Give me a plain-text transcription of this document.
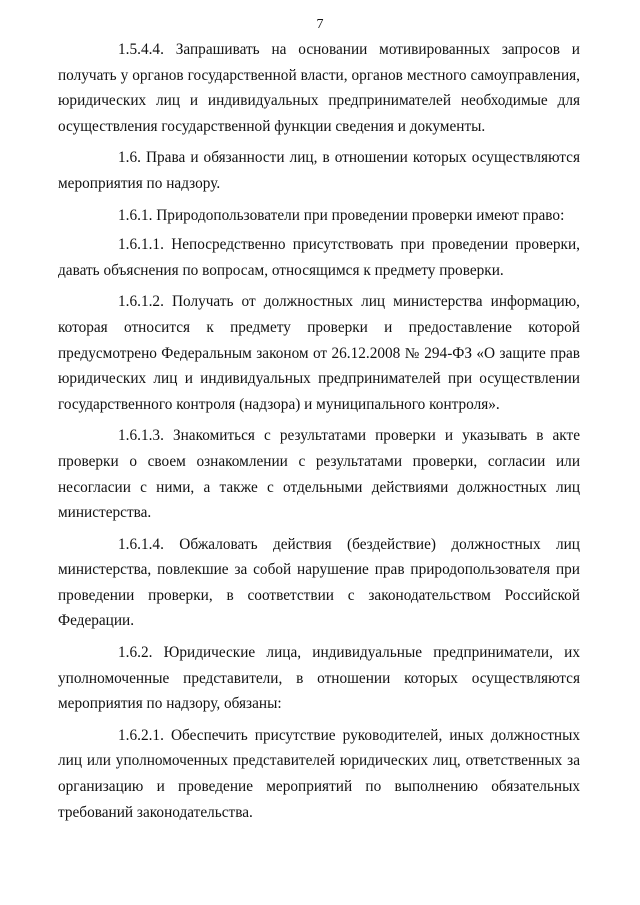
7

1.5.4.4. Запрашивать на основании мотивированных запросов и получать у органов государственной власти, органов местного самоуправления, юридических лиц и индивидуальных предпринимателей необходимые для осуществления государственной функции сведения и документы.

1.6. Права и обязанности лиц, в отношении которых осуществляются мероприятия по надзору.

1.6.1. Природопользователи при проведении проверки имеют право:

1.6.1.1. Непосредственно присутствовать при проведении проверки, давать объяснения по вопросам, относящимся к предмету проверки.

1.6.1.2. Получать от должностных лиц министерства информацию, которая относится к предмету проверки и предоставление которой предусмотрено Федеральным законом от 26.12.2008 № 294-ФЗ «О защите прав юридических лиц и индивидуальных предпринимателей при осуществлении государственного контроля (надзора) и муниципального контроля».

1.6.1.3. Знакомиться с результатами проверки и указывать в акте проверки о своем ознакомлении с результатами проверки, согласии или несогласии с ними, а также с отдельными действиями должностных лиц министерства.

1.6.1.4. Обжаловать действия (бездействие) должностных лиц министерства, повлекшие за собой нарушение прав природопользователя при проведении проверки, в соответствии с законодательством Российской Федерации.

1.6.2. Юридические лица, индивидуальные предприниматели, их уполномоченные представители, в отношении которых осуществляются мероприятия по надзору, обязаны:

1.6.2.1. Обеспечить присутствие руководителей, иных должностных лиц или уполномоченных представителей юридических лиц, ответственных за организацию и проведение мероприятий по выполнению обязательных требований законодательства.
